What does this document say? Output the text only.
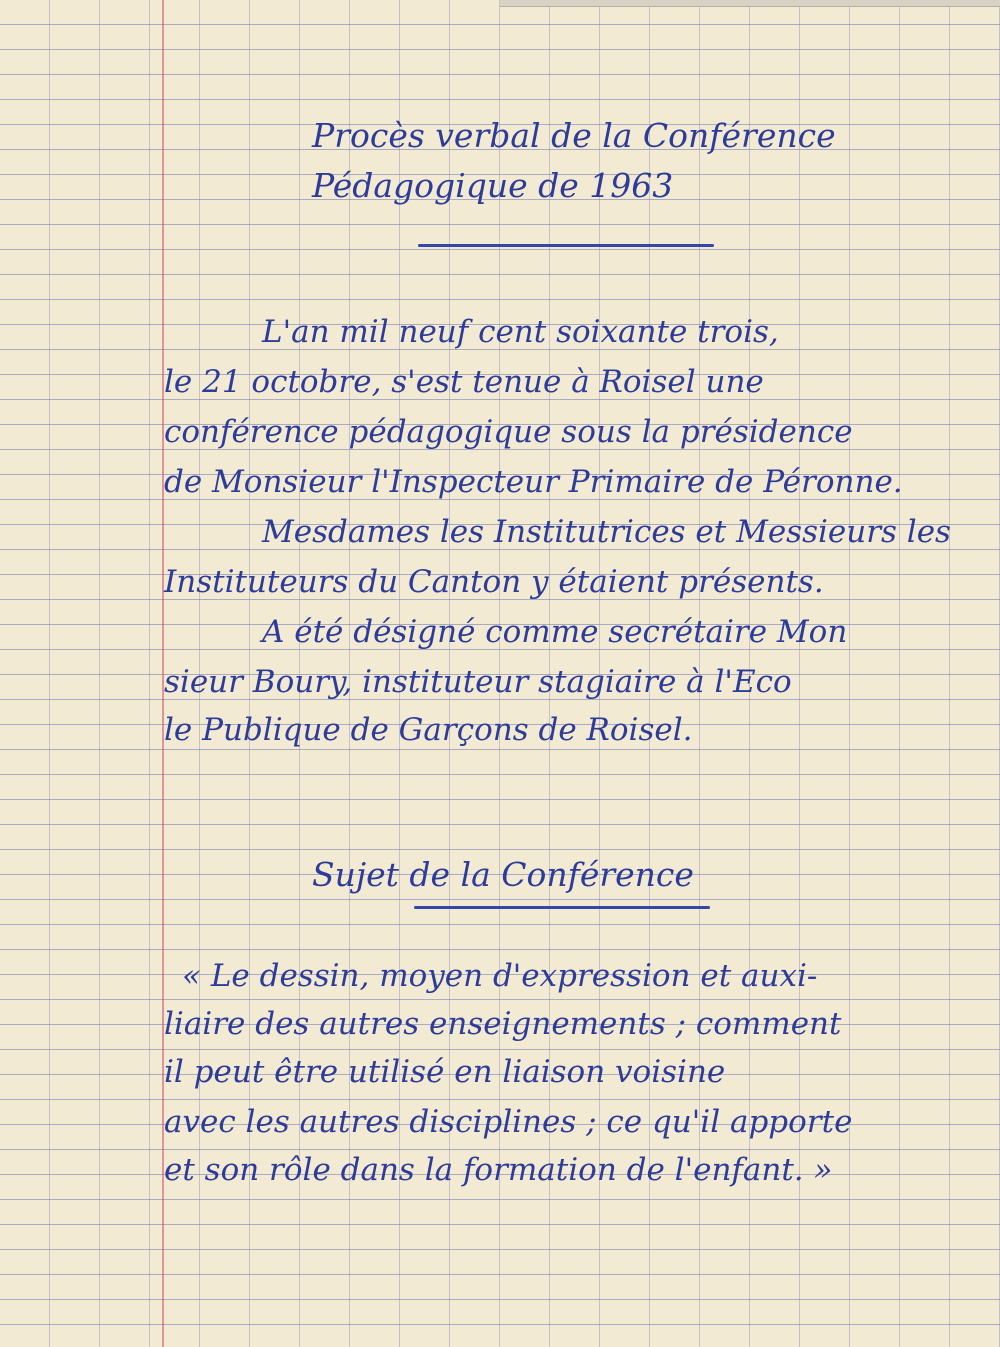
Procès verbal de la Conférence

Pédagogique de 1963

L'an mil neuf cent soixante trois,

le 21 octobre, s'est tenue à Roisel une

conférence pédagogique sous la présidence

de Monsieur l'Inspecteur Primaire de Péronne.

Mesdames les Institutrices et Messieurs les

Instituteurs du Canton y étaient présents.

A été désigné comme secrétaire Mon

sieur Boury, instituteur stagiaire à l'Eco

le Publique de Garçons de Roisel.

Sujet de la Conférence

« Le dessin, moyen d'expression et auxi-

liaire des autres enseignements ; comment

il peut être utilisé en liaison voisine

avec les autres disciplines ; ce qu'il apporte

et son rôle dans la formation de l'enfant. »
